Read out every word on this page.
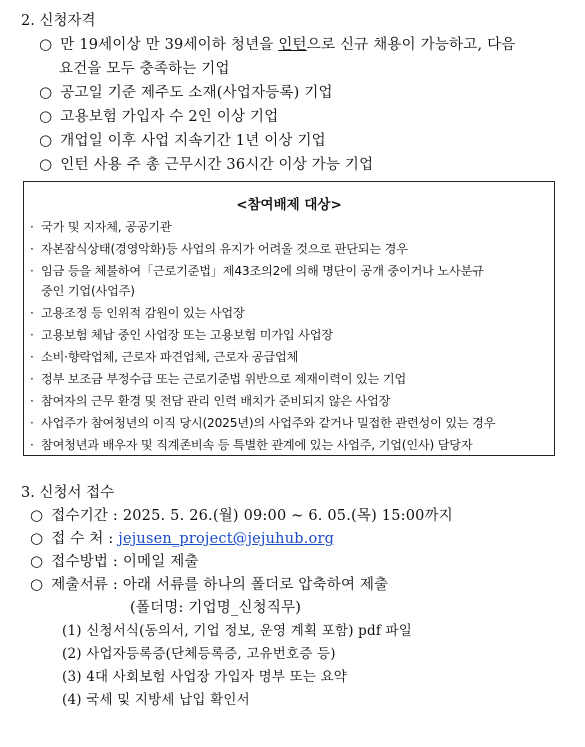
2. 신청자격
○ 만 19세이상 만 39세이하 청년을 인턴으로 신규 채용이 가능하고, 다음
요건을 모두 충족하는 기업
○ 공고일 기준 제주도 소재(사업자등록) 기업
○ 고용보험 가입자 수 2인 이상 기업
○ 개업일 이후 사업 지속기간 1년 이상 기업
○ 인턴 사용 주 총 근무시간 36시간 이상 가능 기업
<참여배제 대상>
· 국가 및 지자체, 공공기관
· 자본잠식상태(경영악화)등 사업의 유지가 어려울 것으로 판단되는 경우
· 임금 등을 체불하여「근로기준법」제43조의2에 의해 명단이 공개 중이거나 노사분규
중인 기업(사업주)
· 고용조정 등 인위적 감원이 있는 사업장
· 고용보험 체납 중인 사업장 또는 고용보험 미가입 사업장
· 소비·향락업체, 근로자 파견업체, 근로자 공급업체
· 정부 보조금 부정수급 또는 근로기준법 위반으로 제재이력이 있는 기업
· 참여자의 근무 환경 및 전담 관리 인력 배치가 준비되지 않은 사업장
· 사업주가 참여청년의 이직 당시(2025년)의 사업주와 같거나 밀접한 관련성이 있는 경우
· 참여청년과 배우자 및 직계존비속 등 특별한 관계에 있는 사업주, 기업(인사) 담당자
3. 신청서 접수
○ 접수기간 : 2025. 5. 26.(월) 09:00 ~ 6. 05.(목) 15:00까지
○ 접 수 처 : jejusen_project@jejuhub.org
○ 접수방법 : 이메일 제출
○ 제출서류 : 아래 서류를 하나의 폴더로 압축하여 제출
(폴더명: 기업명_신청직무)
(1) 신청서식(동의서, 기업 정보, 운영 계획 포함) pdf 파일
(2) 사업자등록증(단체등록증, 고유번호증 등)
(3) 4대 사회보험 사업장 가입자 명부 또는 요약
(4) 국세 및 지방세 납입 확인서
